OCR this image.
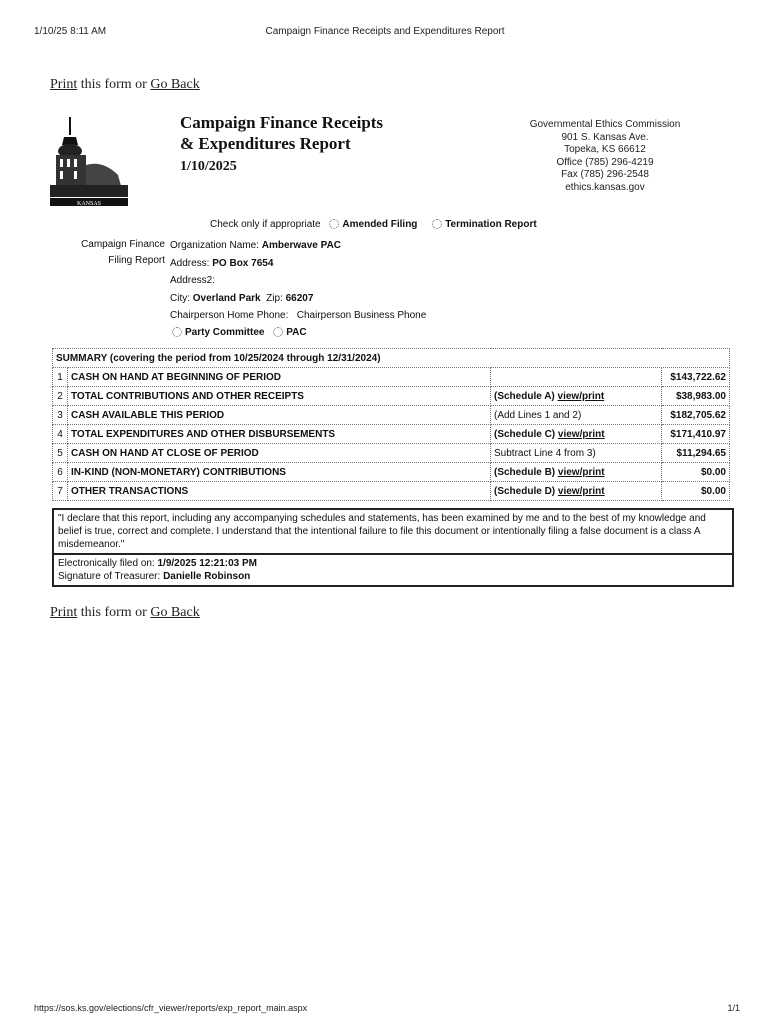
1/10/25 8:11 AM	Campaign Finance Receipts and Expenditures Report
Print this form or Go Back
KANSAS
Campaign Finance Receipts
& Expenditures Report
1/10/2025
Governmental Ethics Commission
901 S. Kansas Ave.
Topeka, KS 66612
Office (785) 296-4219
Fax (785) 296-2548
ethics.kansas.gov
Check only if appropriate Amended Filing	Termination Report
Campaign Finance
Filing Report
Organization Name: Amberwave PAC
Address: PO Box 7654
Address2:
City: Overland Park Zip: 66207
Chairperson Home Phone: Chairperson Business Phone
Party Committee PAC
SUMMARY (covering the period from 10/25/2024 through 12/31/2024)			
1	CASH ON HAND AT BEGINNING OF PERIOD		$143,722.62
2	TOTAL CONTRIBUTIONS AND OTHER RECEIPTS	(Schedule A) view/print	$38,983.00
3	CASH AVAILABLE THIS PERIOD	(Add Lines 1 and 2)	$182,705.62
4	TOTAL EXPENDITURES AND OTHER DISBURSEMENTS	(Schedule C) view/print	$171,410.97
5	CASH ON HAND AT CLOSE OF PERIOD	Subtract Line 4 from 3)	$11,294.65
6	IN-KIND (NON-MONETARY) CONTRIBUTIONS	(Schedule B) view/print	$0.00
7	OTHER TRANSACTIONS	(Schedule D) view/print	$0.00
"I declare that this report, including any accompanying schedules and statements, has been examined by me and to the best of my knowledge and belief is true, correct and complete. I understand that the intentional failure to file this document or intentionally filing a false document is a class A misdemeanor."
Electronically filed on: 1/9/2025 12:21:03 PM
Signature of Treasurer: Danielle Robinson
Print this form or Go Back
https://sos.ks.gov/elections/cfr_viewer/reports/exp_report_main.aspx	1/1
